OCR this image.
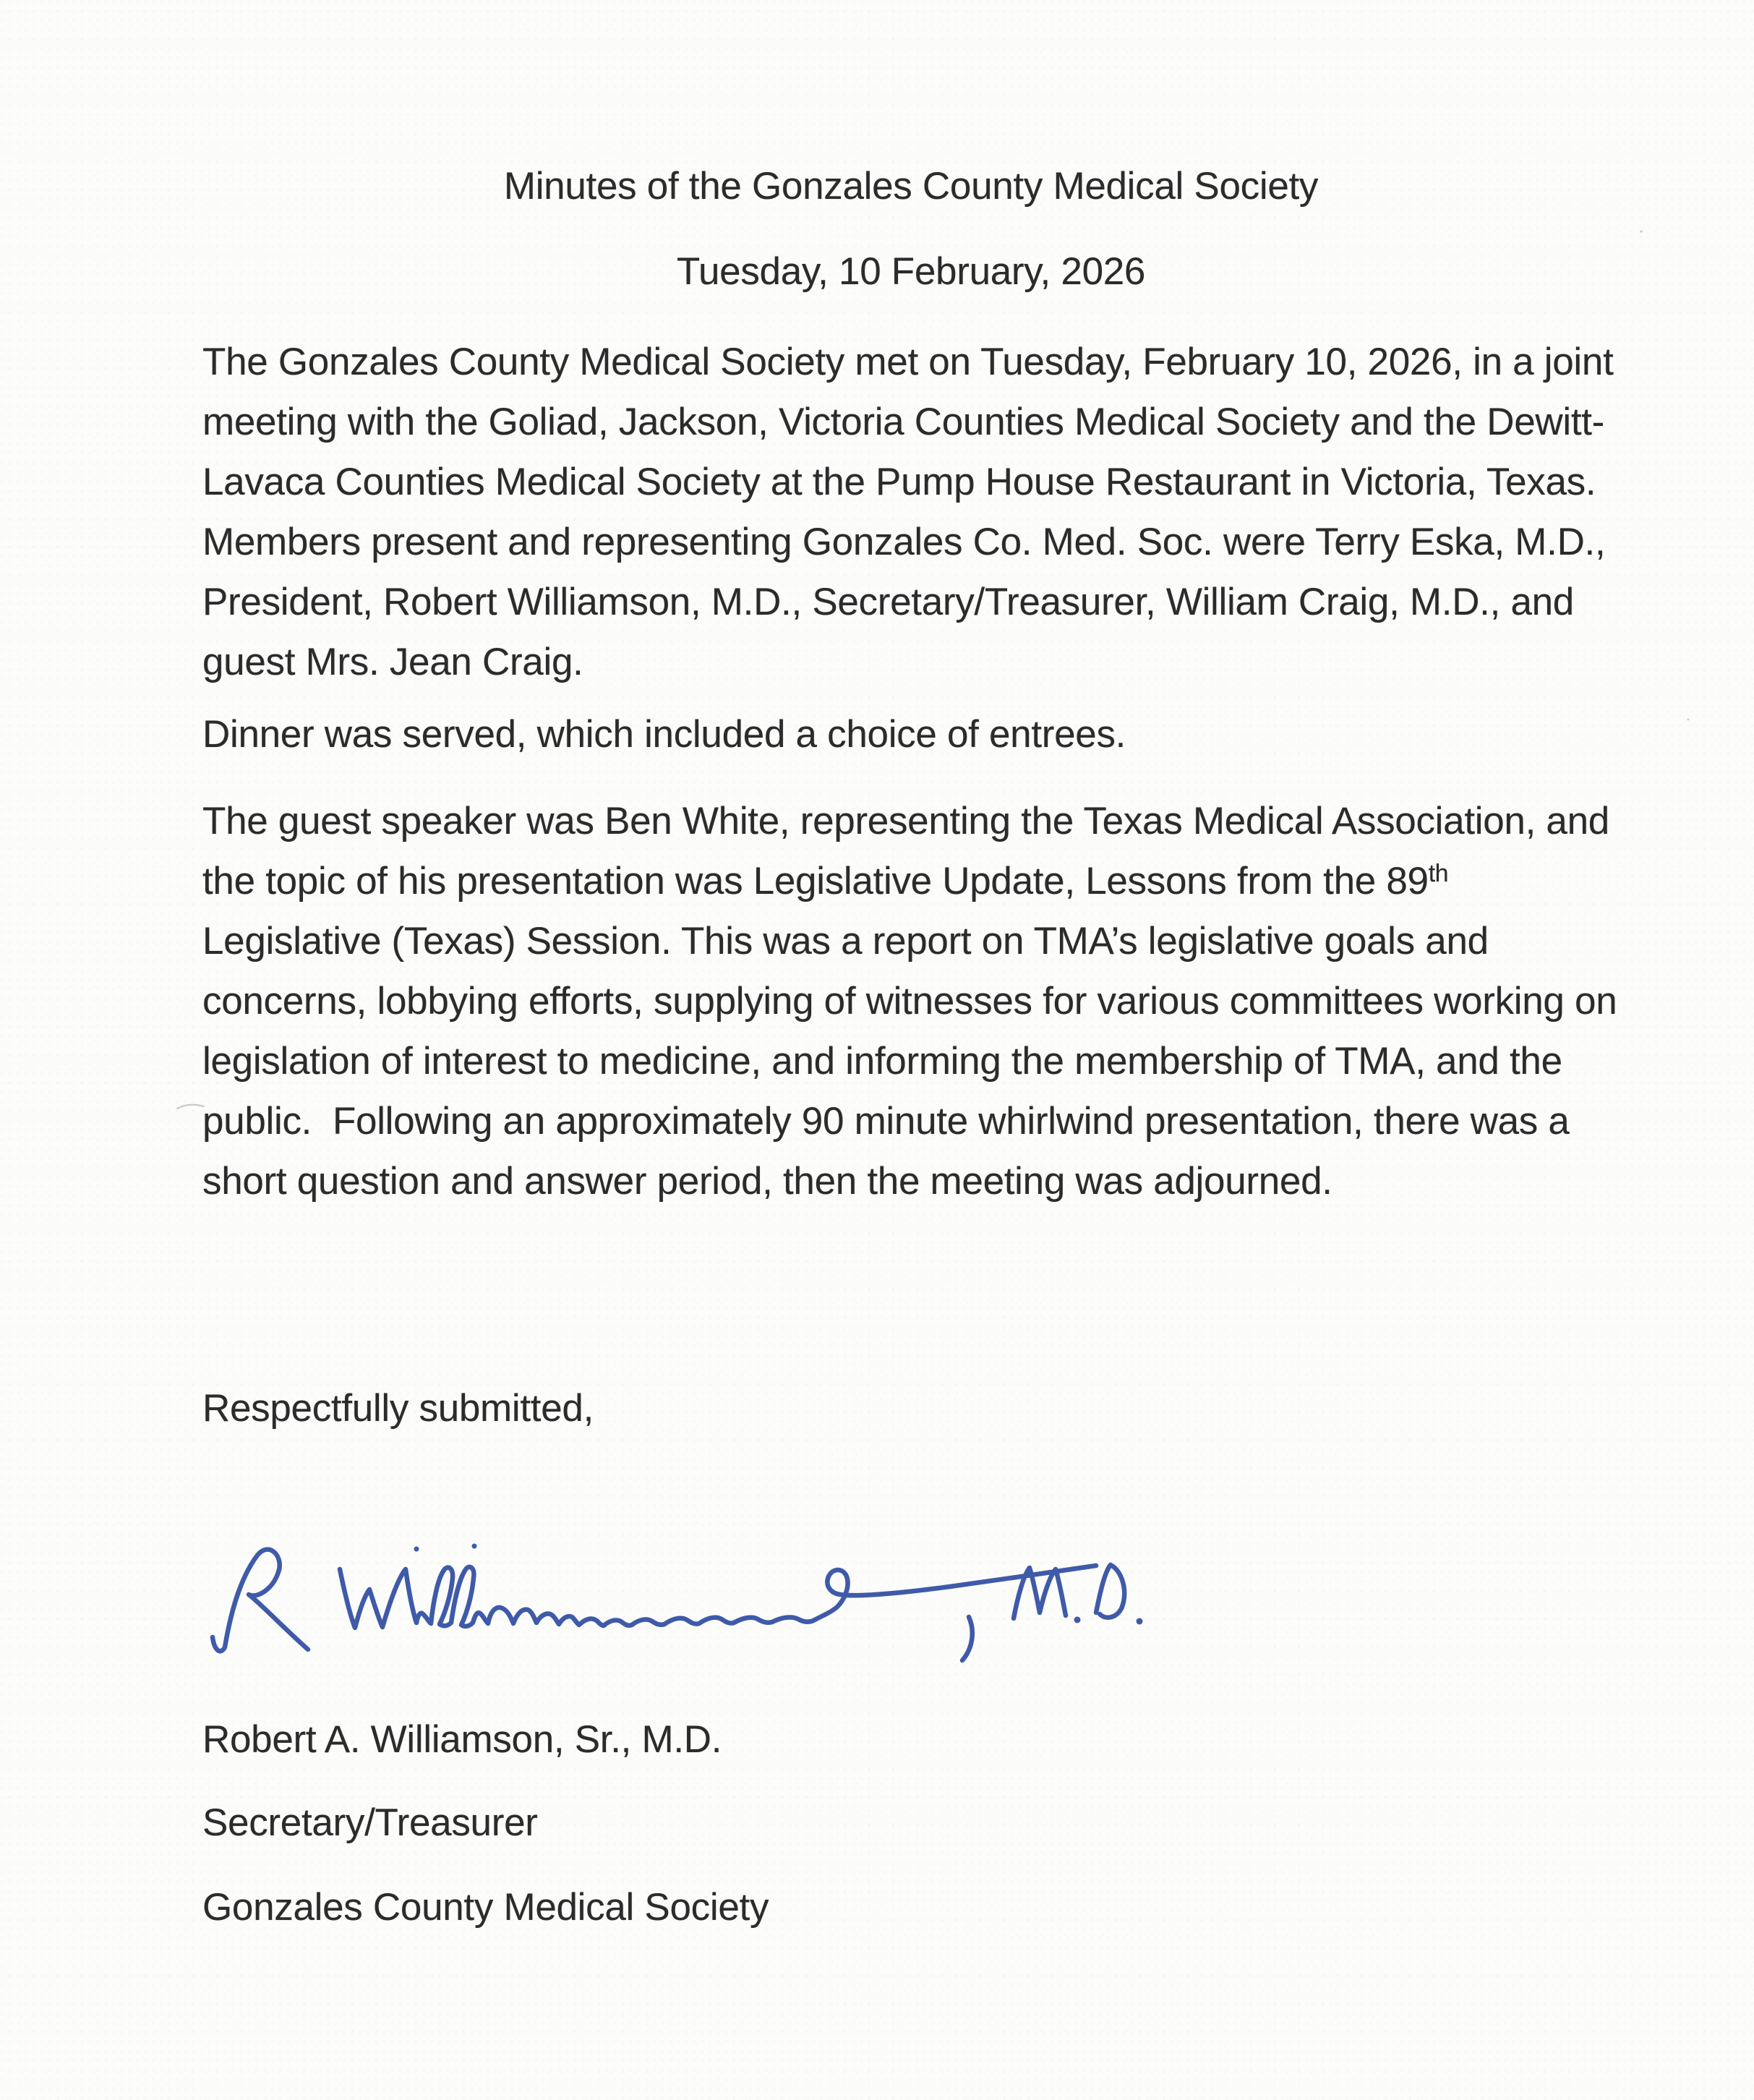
Minutes of the Gonzales County Medical Society
Tuesday, 10 February, 2026
The Gonzales County Medical Society met on Tuesday, February 10, 2026, in a joint meeting with the Goliad, Jackson, Victoria Counties Medical Society and the Dewitt- Lavaca Counties Medical Society at the Pump House Restaurant in Victoria, Texas. Members present and representing Gonzales Co. Med. Soc. were Terry Eska, M.D., President, Robert Williamson, M.D., Secretary/Treasurer, William Craig, M.D., and guest Mrs. Jean Craig.
Dinner was served, which included a choice of entrees.
The guest speaker was Ben White, representing the Texas Medical Association, and the topic of his presentation was Legislative Update, Lessons from the 89th Legislative (Texas) Session. This was a report on TMA’s legislative goals and concerns, lobbying efforts, supplying of witnesses for various committees working on legislation of interest to medicine, and informing the membership of TMA, and the public.  Following an approximately 90 minute whirlwind presentation, there was a short question and answer period, then the meeting was adjourned.
Respectfully submitted,
Robert A. Williamson, Sr., M.D.
Secretary/Treasurer
Gonzales County Medical Society
